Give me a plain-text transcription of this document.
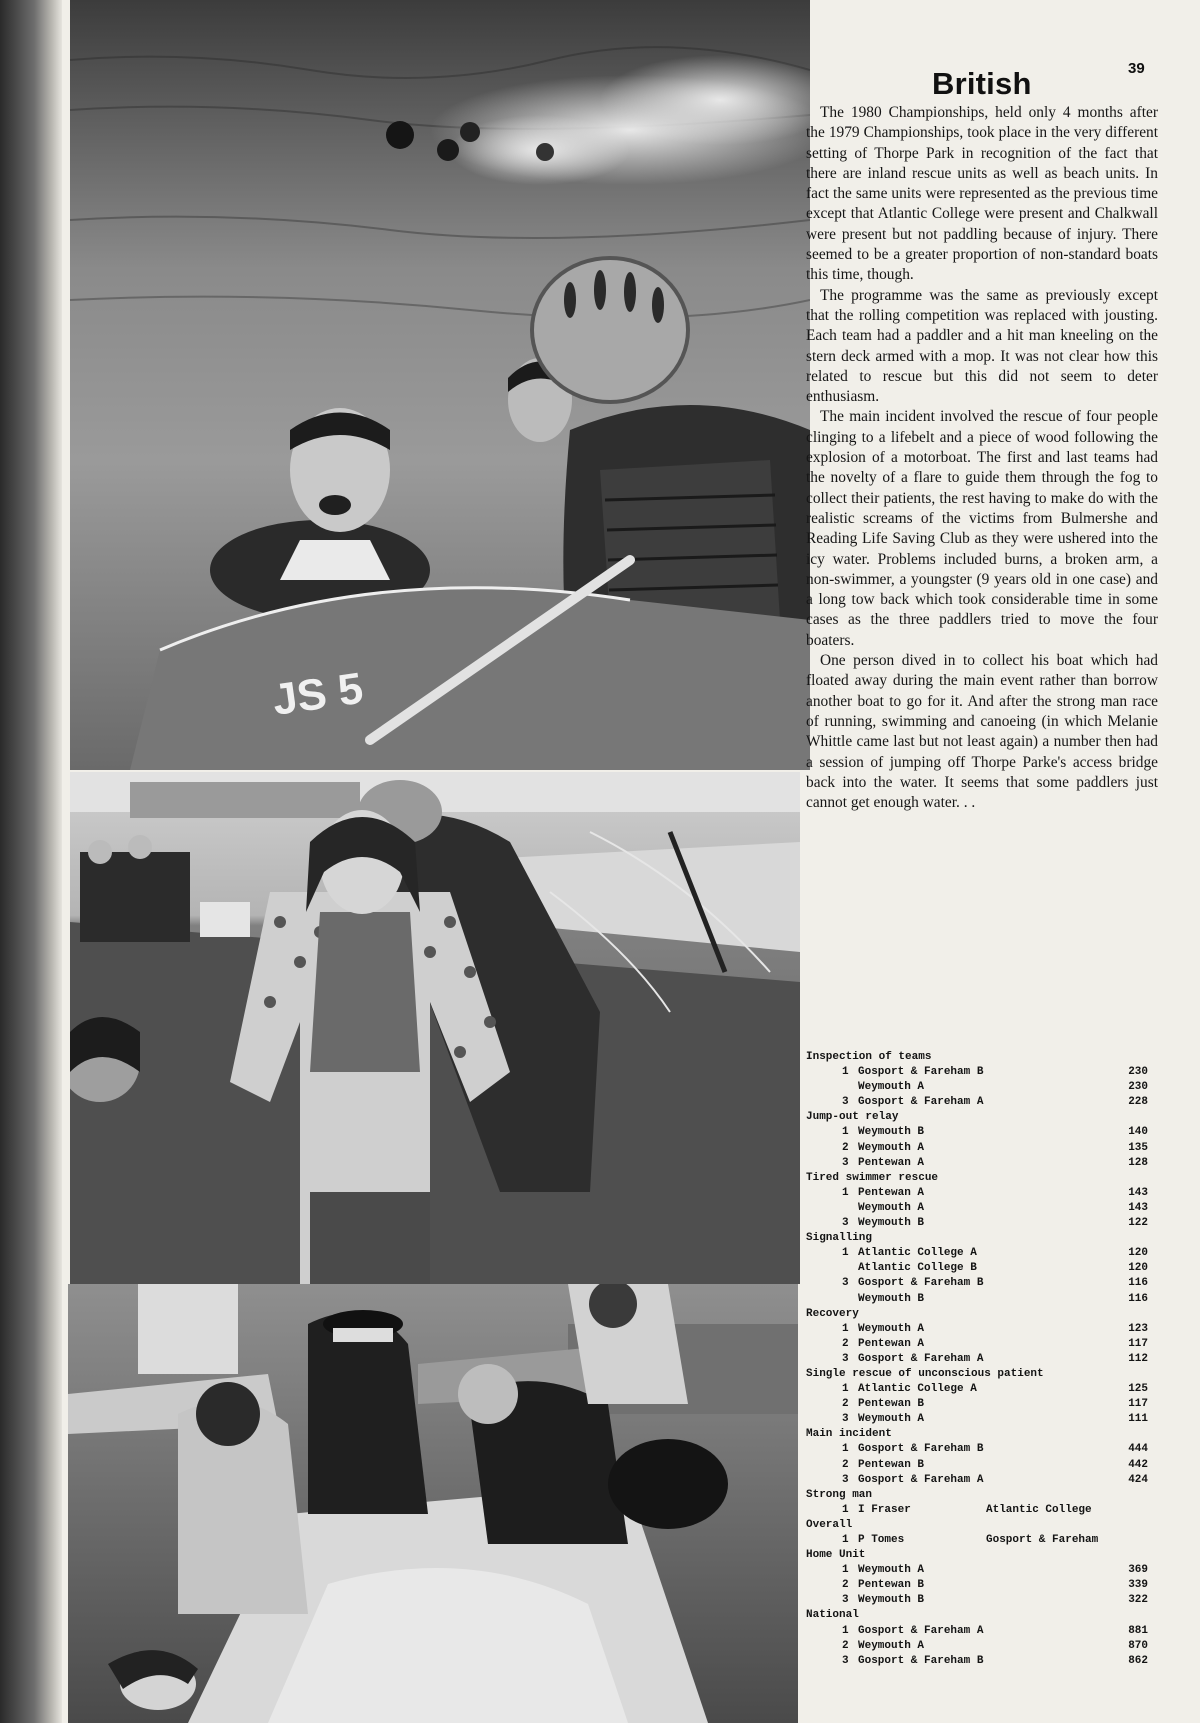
JS 5
39
British

The 1980 Championships, held only 4 months after the 1979 Championships, took place in the very different setting of Thorpe Park in recognition of the fact that there are inland rescue units as well as beach units. In fact the same units were represented as the previous time except that Atlantic College were present and Chalkwall were present but not paddling because of injury. There seemed to be a greater proportion of non-standard boats this time, though.

The programme was the same as previously except that the rolling competition was replaced with jousting. Each team had a paddler and a hit man kneeling on the stern deck armed with a mop. It was not clear how this related to rescue but this did not seem to deter enthusiasm.

The main incident involved the rescue of four people clinging to a lifebelt and a piece of wood following the explosion of a motorboat. The first and last teams had the novelty of a flare to guide them through the fog to collect their patients, the rest having to make do with the realistic screams of the victims from Bulmershe and Reading Life Saving Club as they were ushered into the icy water. Problems included burns, a broken arm, a non-swimmer, a youngster (9 years old in one case) and a long tow back which took considerable time in some cases as the three paddlers tried to move the four boaters.

One person dived in to collect his boat which had floated away during the main event rather than borrow another boat to go for it. And after the strong man race of running, swimming and canoeing (in which Melanie Whittle came last but not least again) a number then had a session of jumping off Thorpe Parke's access bridge back into the water. It seems that some paddlers just cannot get enough water. . .

Inspection of teams
1 Gosport & Fareham B	230
Weymouth A	230
3 Gosport & Fareham A	228
Jump-out relay
1 Weymouth B	140
2 Weymouth A	135
3 Pentewan A	128
Tired swimmer rescue
1 Pentewan A	143
Weymouth A	143
3 Weymouth B	122
Signalling
1 Atlantic College A	120
Atlantic College B	120
3 Gosport & Fareham B	116
Weymouth B	116
Recovery
1 Weymouth A	123
2 Pentewan A	117
3 Gosport & Fareham A	112
Single rescue of unconscious patient
1 Atlantic College A	125
2 Pentewan B	117
3 Weymouth A	111
Main incident
1 Gosport & Fareham B	444
2 Pentewan B	442
3 Gosport & Fareham A	424
Strong man
1 I Fraser	Atlantic College
Overall
1 P Tomes	Gosport & Fareham
Home Unit
1 Weymouth A	369
2 Pentewan B	339
3 Weymouth B	322
National
1 Gosport & Fareham A	881
2 Weymouth A	870
3 Gosport & Fareham B	862
